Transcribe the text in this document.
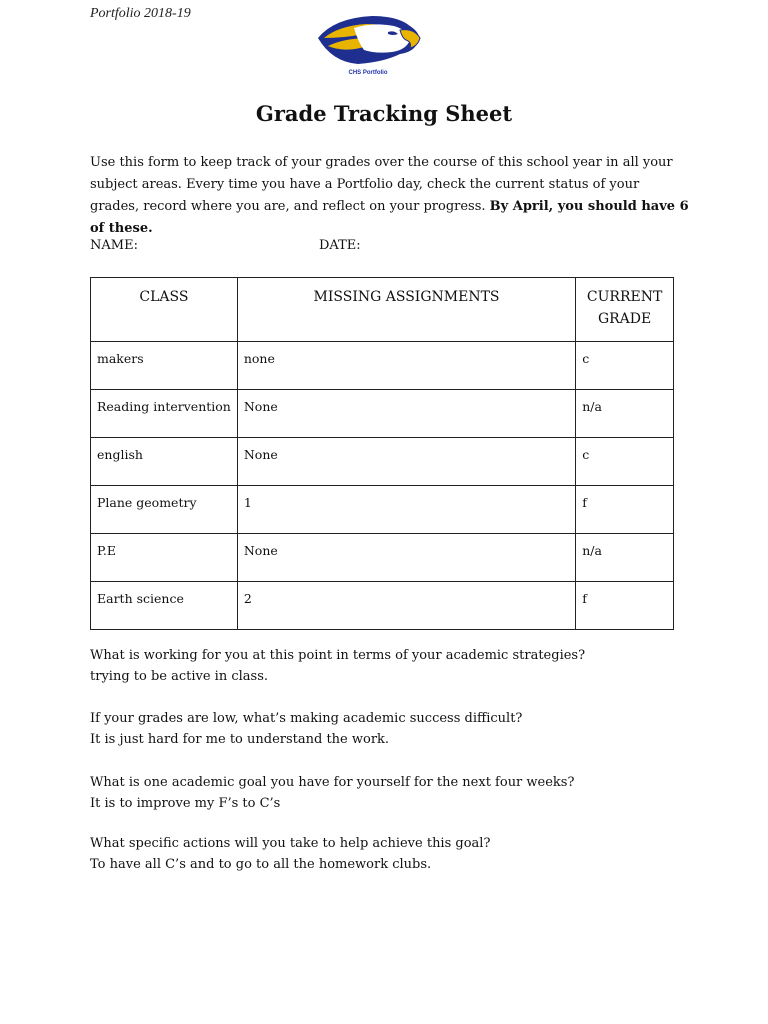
Portfolio 2018-19
CHS Portfolio
Grade Tracking Sheet
Use this form to keep track of your grades over the course of this school year in all your subject areas. Every time you have a Portfolio day, check the current status of your grades, record where you are, and reflect on your progress. By April, you should have 6 of these.
NAME:	DATE:
CLASS	MISSING ASSIGNMENTS	CURRENT
GRADE
makers	none	c
Reading intervention	None	n/a
english	None	c
Plane geometry	1	f
P.E	None	n/a
Earth science	2	f
What is working for you at this point in terms of your academic strategies?
trying to be active in class.
If your grades are low, what’s making academic success difficult?
It is just hard for me to understand the work.
What is one academic goal you have for yourself for the next four weeks?
It is to improve my F’s to C’s
What specific actions will you take to help achieve this goal?
To have all C’s and to go to all the homework clubs.
